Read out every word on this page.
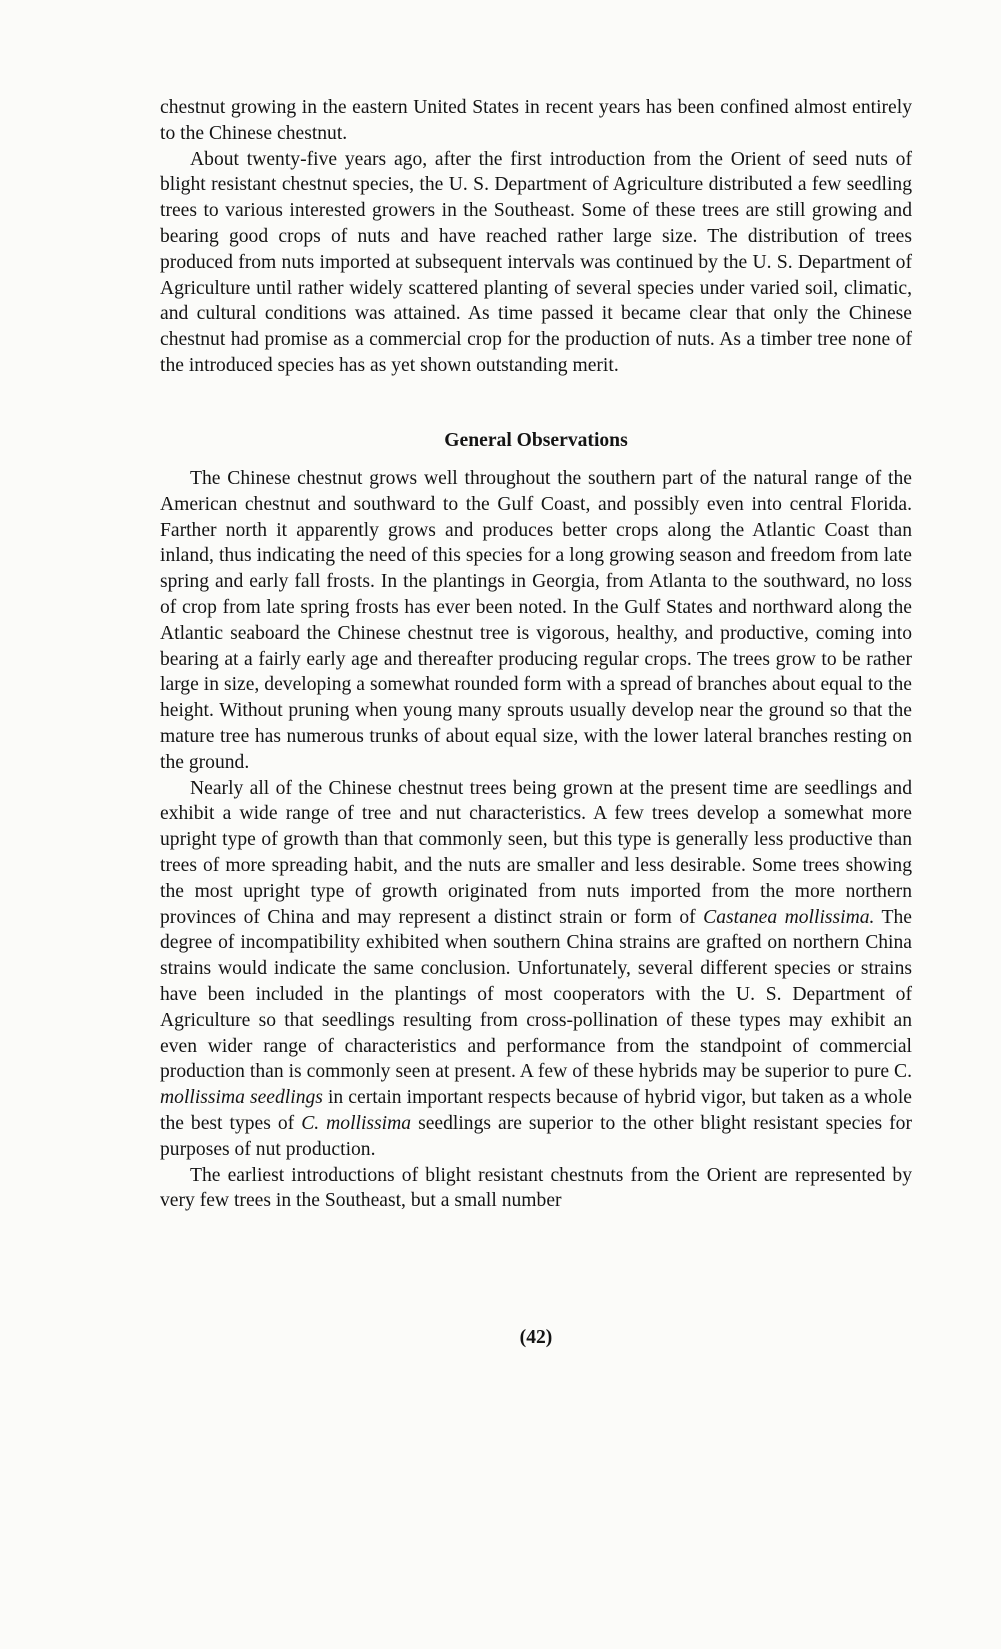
chestnut growing in the eastern United States in recent years has been confined almost entirely to the Chinese chestnut.

About twenty-five years ago, after the first introduction from the Orient of seed nuts of blight resistant chestnut species, the U. S. Department of Agriculture distributed a few seedling trees to various interested growers in the Southeast. Some of these trees are still growing and bearing good crops of nuts and have reached rather large size. The distribution of trees produced from nuts imported at subsequent intervals was continued by the U. S. Department of Agriculture until rather widely scattered planting of several species under varied soil, climatic, and cultural conditions was attained. As time passed it became clear that only the Chinese chestnut had promise as a commercial crop for the production of nuts. As a timber tree none of the introduced species has as yet shown outstanding merit.

General Observations

The Chinese chestnut grows well throughout the southern part of the natural range of the American chestnut and southward to the Gulf Coast, and possibly even into central Florida. Farther north it apparently grows and produces better crops along the Atlantic Coast than inland, thus indicating the need of this species for a long growing season and freedom from late spring and early fall frosts. In the plantings in Georgia, from Atlanta to the southward, no loss of crop from late spring frosts has ever been noted. In the Gulf States and northward along the Atlantic seaboard the Chinese chestnut tree is vigorous, healthy, and productive, coming into bearing at a fairly early age and thereafter producing regular crops. The trees grow to be rather large in size, developing a somewhat rounded form with a spread of branches about equal to the height. Without pruning when young many sprouts usually develop near the ground so that the mature tree has numerous trunks of about equal size, with the lower lateral branches resting on the ground.

Nearly all of the Chinese chestnut trees being grown at the present time are seedlings and exhibit a wide range of tree and nut characteristics. A few trees develop a somewhat more upright type of growth than that commonly seen, but this type is generally less productive than trees of more spreading habit, and the nuts are smaller and less desirable. Some trees showing the most upright type of growth originated from nuts imported from the more northern provinces of China and may represent a distinct strain or form of Castanea mollissima. The degree of incompatibility exhibited when southern China strains are grafted on northern China strains would indicate the same conclusion. Unfortunately, several different species or strains have been included in the plantings of most cooperators with the U. S. Department of Agriculture so that seedlings resulting from cross-pollination of these types may exhibit an even wider range of characteristics and performance from the standpoint of commercial production than is commonly seen at present. A few of these hybrids may be superior to pure C. mollissima seedlings in certain important respects because of hybrid vigor, but taken as a whole the best types of C. mollissima seedlings are superior to the other blight resistant species for purposes of nut production.

The earliest introductions of blight resistant chestnuts from the Orient are represented by very few trees in the Southeast, but a small number

(42)
